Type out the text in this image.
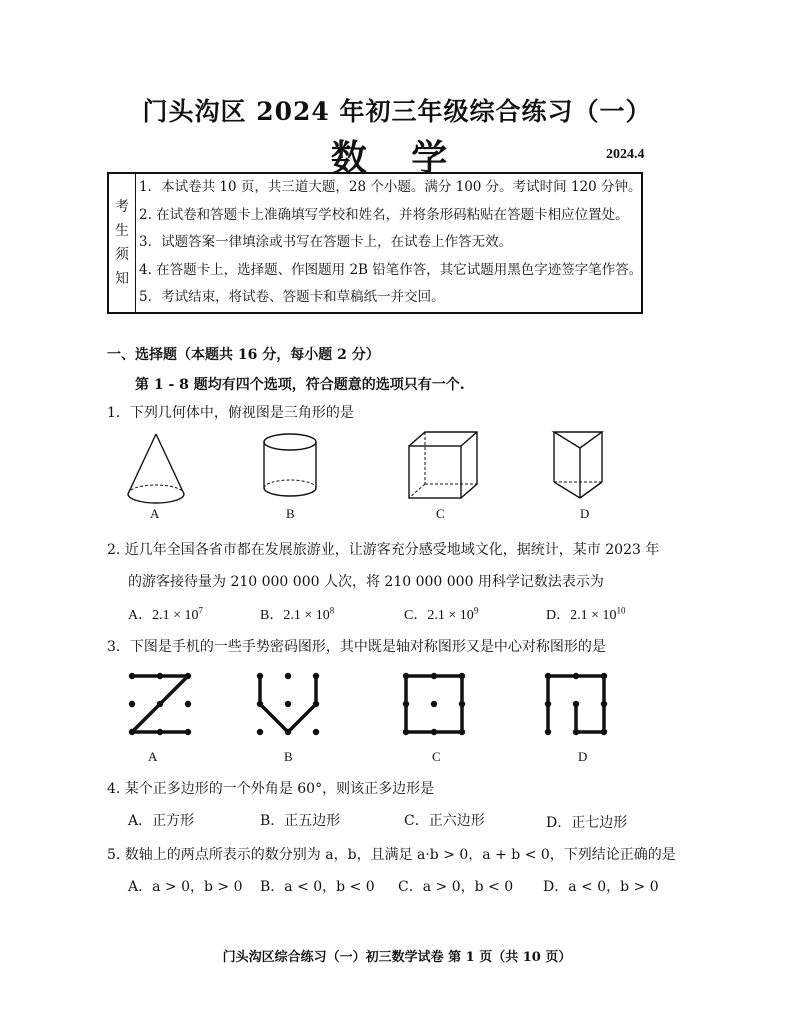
门头沟区 2024 年初三年级综合练习（一）
数 学	2024.4
考
生
须
知
1．本试卷共 10 页，共三道大题，28 个小题。满分 100 分。考试时间 120 分钟。
2. 在试卷和答题卡上准确填写学校和姓名，并将条形码粘贴在答题卡相应位置处。
3．试题答案一律填涂或书写在答题卡上，在试卷上作答无效。
4. 在答题卡上，选择题、作图题用 2B 铅笔作答，其它试题用黑色字迹签字笔作答。
5．考试结束，将试卷、答题卡和草稿纸一并交回。
一、选择题（本题共 16 分，每小题 2 分）
第 1 - 8 题均有四个选项，符合题意的选项只有一个.
1．下列几何体中，俯视图是三角形的是
A	B	C	D
2. 近几年全国各省市都在发展旅游业，让游客充分感受地域文化，据统计，某市 2023 年
的游客接待量为 210 000 000 人次，将 210 000 000 用科学记数法表示为
A．$2.1 \times 10^7$	B．$2.1 \times 10^8$	C．$2.1 \times 10^9$	D．$2.1 \times 10^{10}$
3．下图是手机的一些手势密码图形，其中既是轴对称图形又是中心对称图形的是
A	B	C	D
4. 某个正多边形的一个外角是 60°，则该正多边形是
A．正方形	B．正五边形	C．正六边形	D．正七边形
5. 数轴上的两点所表示的数分别为 a，b，且满足 a·b > 0，a + b < 0，下列结论正确的是
A．a > 0，b > 0 B．a < 0，b < 0 C．a > 0，b < 0 D．a < 0，b > 0
门头沟区综合练习（一）初三数学试卷 第 1 页（共 10 页）
